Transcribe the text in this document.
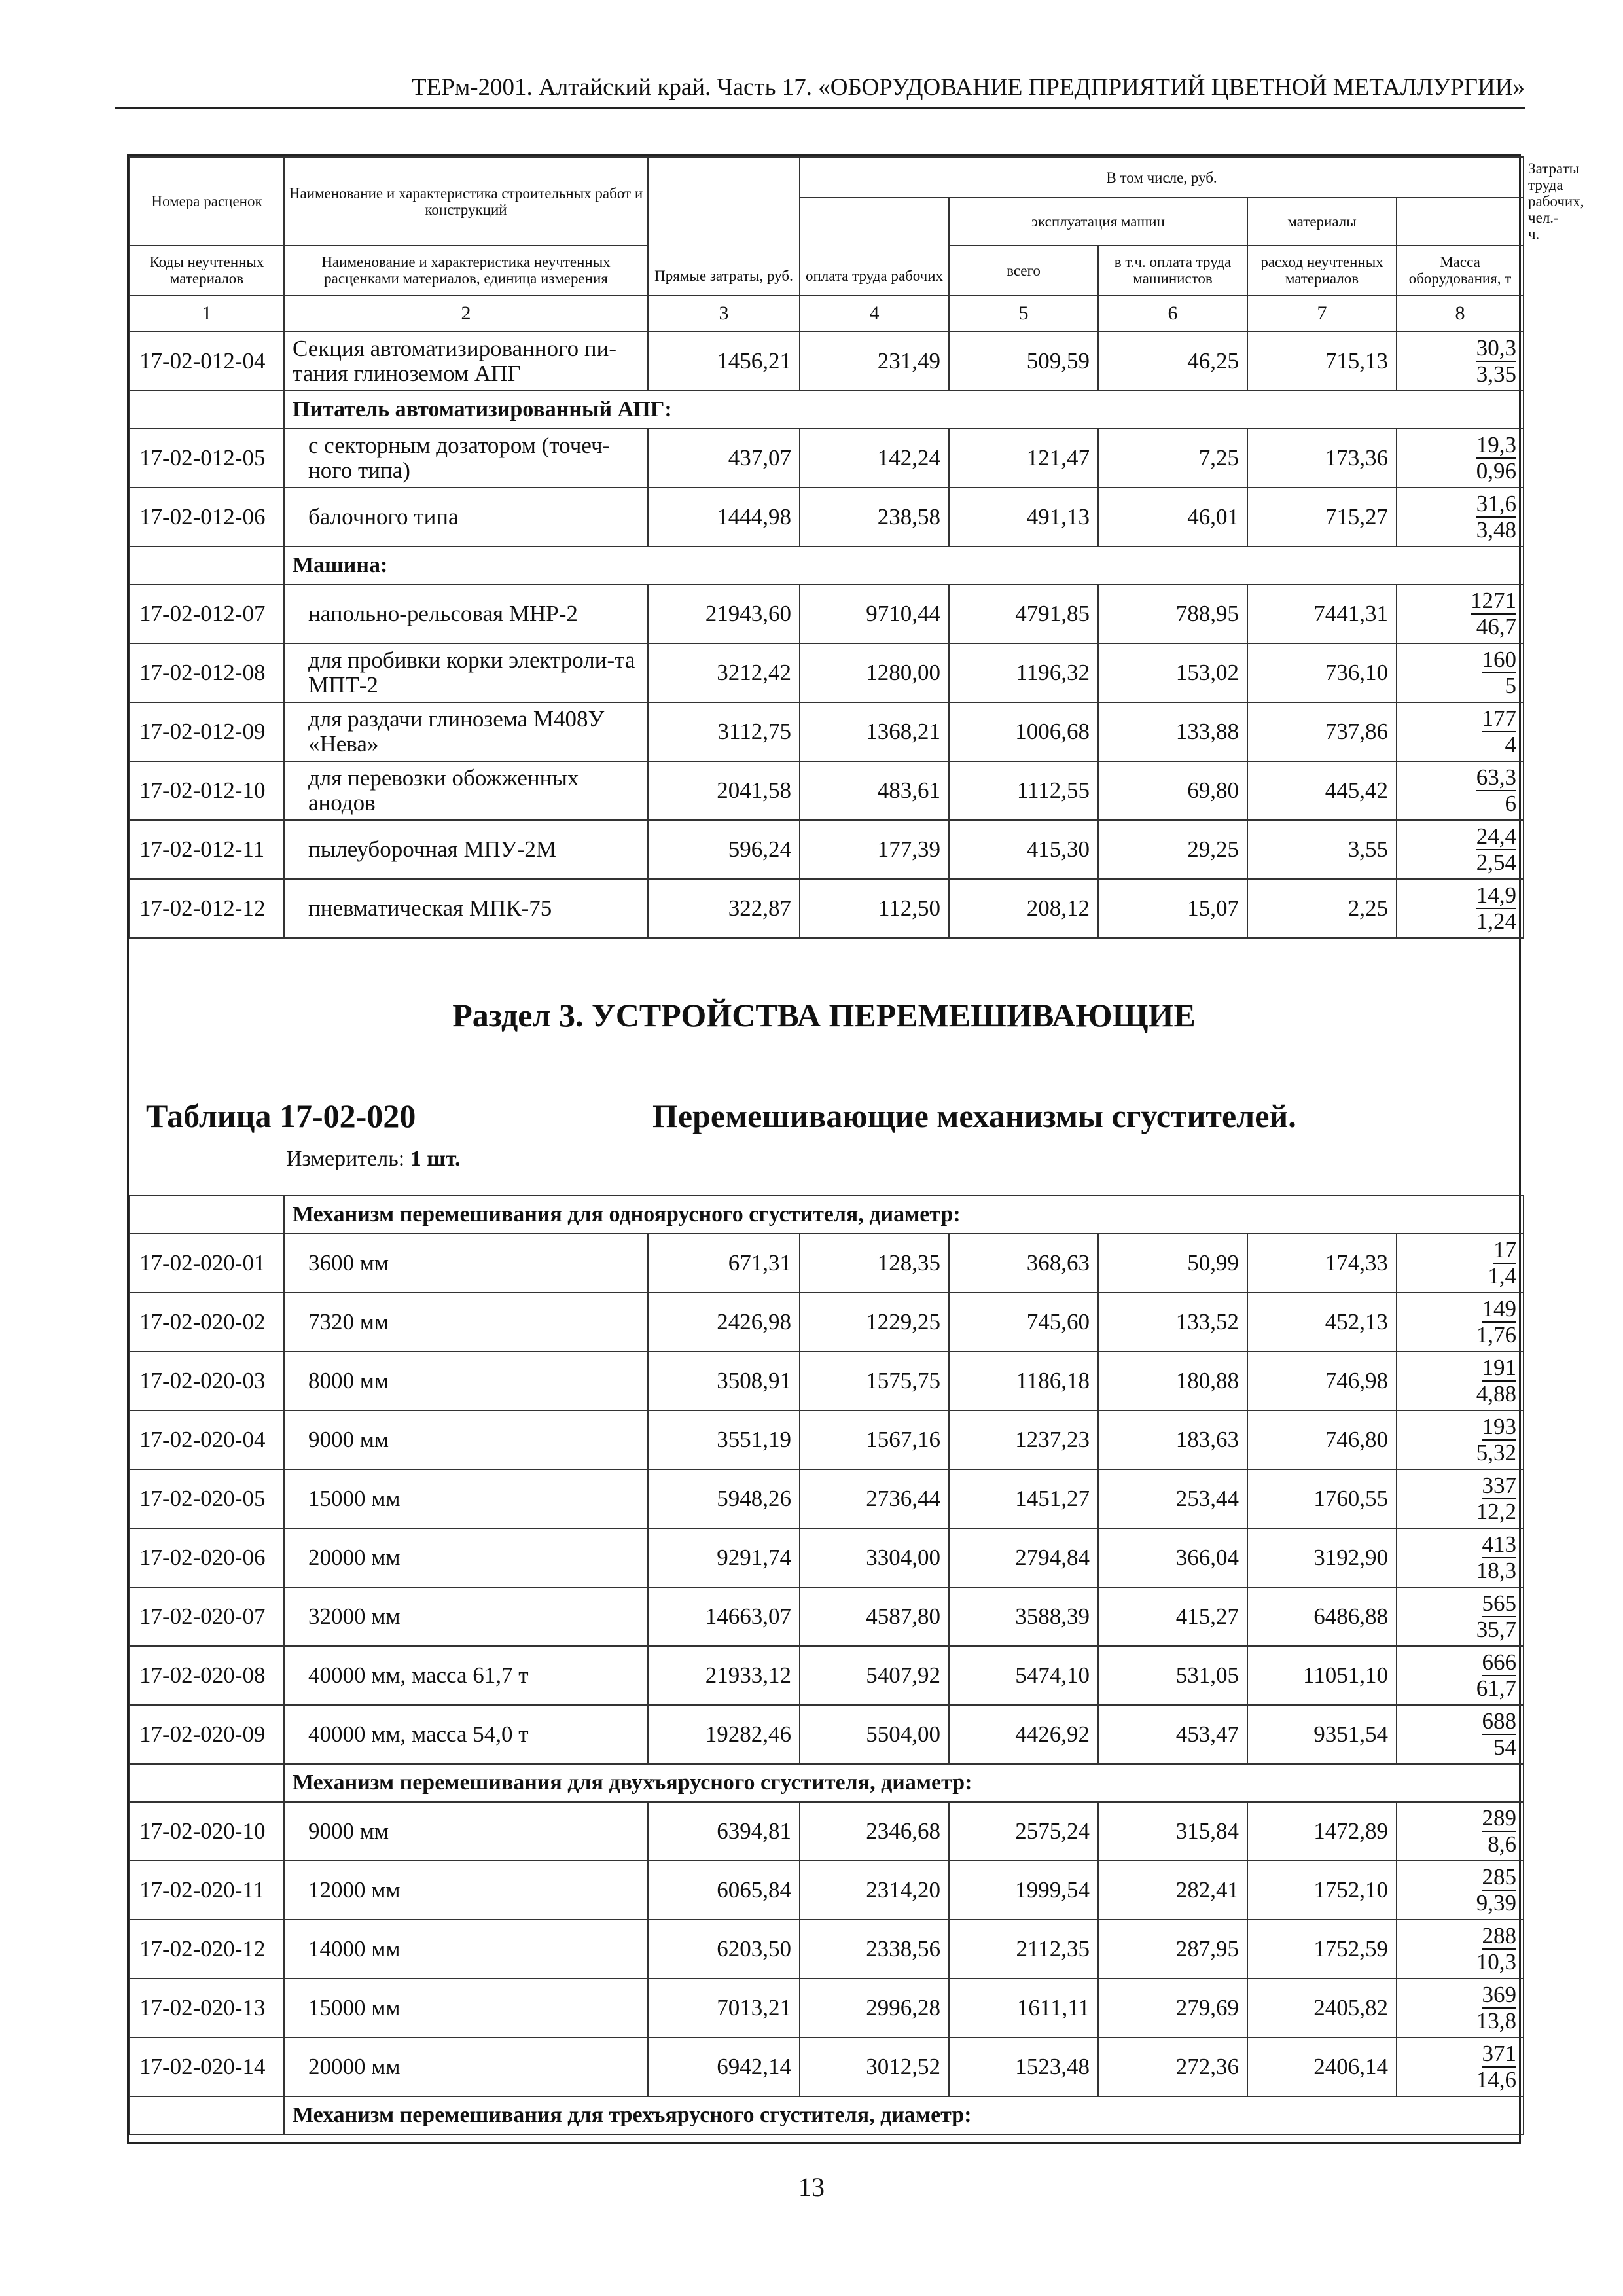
ТЕРм-2001. Алтайский край. Часть 17. «ОБОРУДОВАНИЕ ПРЕДПРИЯТИЙ ЦВЕТНОЙ МЕТАЛЛУРГИИ»
Номера расценок	Наименование и характеристика строительных работ и конструкций	Прямые затраты, руб.	В том числе, руб.					Затраты труда рабочих, чел.-ч.
			оплата труда рабочих	эксплуатация машин		материалы		
Коды неучтенных материалов	Наименование и характеристика неучтенных расценками материалов, единица измерения			всего	в т.ч. оплата труда машинистов	расход неучтенных материалов	Масса оборудования, т	
1	2	3	4	5	6	7	8	
17-02-012-04	Секция автоматизированного пи-тания глиноземом АПГ	1456,21	231,49	509,59	46,25	715,13	30,3
3,35	
	Питатель автоматизированный АПГ:							
17-02-012-05	с секторным дозатором (точеч-ного типа)	437,07	142,24	121,47	7,25	173,36	19,3
0,96	
17-02-012-06	балочного типа	1444,98	238,58	491,13	46,01	715,27	31,6
3,48	
	Машина:							
17-02-012-07	напольно-рельсовая МНР-2	21943,60	9710,44	4791,85	788,95	7441,31	1271
46,7	
17-02-012-08	для пробивки корки электроли-та МПТ-2	3212,42	1280,00	1196,32	153,02	736,10	160
5	
17-02-012-09	для раздачи глинозема М408У «Нева»	3112,75	1368,21	1006,68	133,88	737,86	177
4	
17-02-012-10	для перевозки обожженных анодов	2041,58	483,61	1112,55	69,80	445,42	63,3
6	
17-02-012-11	пылеуборочная МПУ-2М	596,24	177,39	415,30	29,25	3,55	24,4
2,54	
17-02-012-12	пневматическая МПК-75	322,87	112,50	208,12	15,07	2,25	14,9
1,24	
Раздел 3. УСТРОЙСТВА ПЕРЕМЕШИВАЮЩИЕ
Таблица 17-02-020	Перемешивающие механизмы сгустителей.
Измеритель: 1 шт.
	Механизм перемешивания для одноярусного сгустителя, диаметр:						
17-02-020-01	3600 мм	671,31	128,35	368,63	50,99	174,33	17
1,4
17-02-020-02	7320 мм	2426,98	1229,25	745,60	133,52	452,13	149
1,76
17-02-020-03	8000 мм	3508,91	1575,75	1186,18	180,88	746,98	191
4,88
17-02-020-04	9000 мм	3551,19	1567,16	1237,23	183,63	746,80	193
5,32
17-02-020-05	15000 мм	5948,26	2736,44	1451,27	253,44	1760,55	337
12,2
17-02-020-06	20000 мм	9291,74	3304,00	2794,84	366,04	3192,90	413
18,3
17-02-020-07	32000 мм	14663,07	4587,80	3588,39	415,27	6486,88	565
35,7
17-02-020-08	40000 мм, масса 61,7 т	21933,12	5407,92	5474,10	531,05	11051,10	666
61,7
17-02-020-09	40000 мм, масса 54,0 т	19282,46	5504,00	4426,92	453,47	9351,54	688
54
	Механизм перемешивания для двухъярусного сгустителя, диаметр:						
17-02-020-10	9000 мм	6394,81	2346,68	2575,24	315,84	1472,89	289
8,6
17-02-020-11	12000 мм	6065,84	2314,20	1999,54	282,41	1752,10	285
9,39
17-02-020-12	14000 мм	6203,50	2338,56	2112,35	287,95	1752,59	288
10,3
17-02-020-13	15000 мм	7013,21	2996,28	1611,11	279,69	2405,82	369
13,8
17-02-020-14	20000 мм	6942,14	3012,52	1523,48	272,36	2406,14	371
14,6
	Механизм перемешивания для трехъярусного сгустителя, диаметр:						
13
